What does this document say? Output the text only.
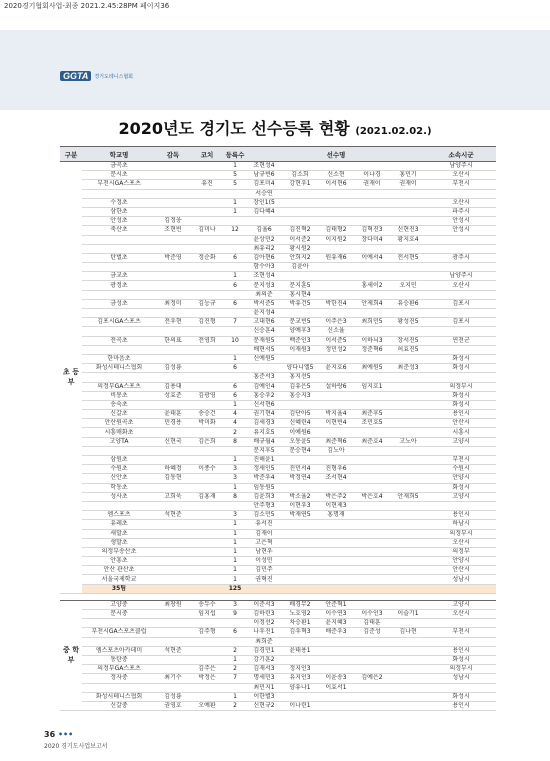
2020경기협회사업-최종 2021.2.45:28PM 페이지36
GGTA	경기도테니스협회
2020년도 경기도 선수등록 현황 (2021.02.02.)
구분	학교명	감독	코치	등록수	선수명					소속시군
초 등 부	금곡초			1	조현성4					남양주시
	문시초			5	남규빈6	김소희	신소현	이나경	홍민기	오산시
	부천시GA스포츠		유진	5	김포미4	강현우1	이서현6	권재이	권재이	부천시
					서승연					
	수정초			1	장인1(5					오산시
	삼한초			1	김다혜4					파주시
	안성초	김정웅								안성시
	죽산초	조현빈	김미나	12	김율6	김진혁2	김태형2	김혁진3	신현진3	안성시
					윤상민2	이서준2	이지원2	장다미4	황지호4	
					최유리2	황시원2				
	탄벌초	박준영	정순화	6	김아현6	안희지2	원유재6	이예서4	전서현5	광주시
					함수아3	김윤아				
	금교초			1	조현성4					남양주시
	광정초			6	문지성3	문지훈5		홍세이2	오지민	오산시
					최의준	홍시현4				
	금성초	최정미	김능규	6	박서준5	박유건5	박한진4	안제희4	유승환6	김포시
					윤지성4					
	김포시GA스포츠	전우현	김진형	7	고대현6	문교빈5	이주은3	최희민5	황성진5	김포시
					신승훈4	양예후3	신소율			
	전곡초	한의표	전영희	10	문재원5	백준인3	이서준5	이하늬3	장서진5	연천군
					배현서5	이재원3	정민성2	정준혁6	허효진5	
	한마음초			1	신예원5					화성시
	화성시테니스협회	김성룡		6		양다니엘5	윤지호6	최예원5	최준성3	화성시
					홍준서3	홍지선5				
	의정부GA스포츠	김용대		6	김예인4	김유은5	설하랑6	임지호1		의정부시
	비봉초	성효준	김광영	6	홍승우2	홍승지3				화성시
	송숙초			1	신서현6					화성시
	신갈초	윤태훈	송승건	4	권기현4	김단아5	박지율4	최준후5		용인시
	안산원곡초	민경용	박미화	4	김세경3	신혜린4	이현빈4	조민호5		안산시
	시흥매화초			2	유지호5	이예원6				시흥시
	고양TA	신현국	김은희	8	배규월4	오동윤5	최준혁6	최준호4	고노아	고양시
					문지후5	문승현4	김노아			
	삼원초			1	진해윤1					부천시
	수원초	하혜정	이종수	3	정새인5	진민서4	진형우6			수원시
	신안초	김동현		3	박준우4	박정연4	조서현4			안양시
	학동초			1	임동원5					화성시
	성사초	고희욱	김홍재	8	김윤희3	박소율2	박은주2	박은호4	안재희5	고양시
					안주형3	이현우3	이현제3			
	엠스포츠	석현준		3	김소민5	박재연5	홍명재			용인시
	유레초			1	유서진					하남시
	새말초			1	김재이					의정부시
	생말초			1	고은혁					오산시
	의정부송산초			1	남현우					의정부
	안흥초			1	이성민					안양시
	안산 관산초			1	김민주					안산시
	서울국제학교			1	권혁진					성남시
	35팀			125						

중 학 부	고양중	최창원	송두수	3	이준서3	배경무2	안준혁1			고양시
	문시중		임지섭	9	김하린3	노호영2	이수연3	이수인3	이슬기1	오산시
					이정선2	차승환1	윤지혜3	김태훈		
	부천시GA스포츠클럽		김주형	6	나우진1	김우혁3	배준우3	김준성	김나현	부천시
					최희준					
	엠스포츠아카데미	석현준		2	김경민1	윤태용1				용인시
	동탄중			1	강기훈2					화성시
	의정부GA스포츠		김주은	2	김재서3	정지인3				의정부시
	정자중	최기수	박정은	7	명세민3	유지인3	이윤송3	김예은2		성남시
					최민지1	양유나1	이효서1			
	화성시테니스협회	김성룡		1	이한별3					화성시
	신갈중	권영호	오예환	2	신현규2	이나린1				용인시
36 •••
2020 경기도사업보고서
